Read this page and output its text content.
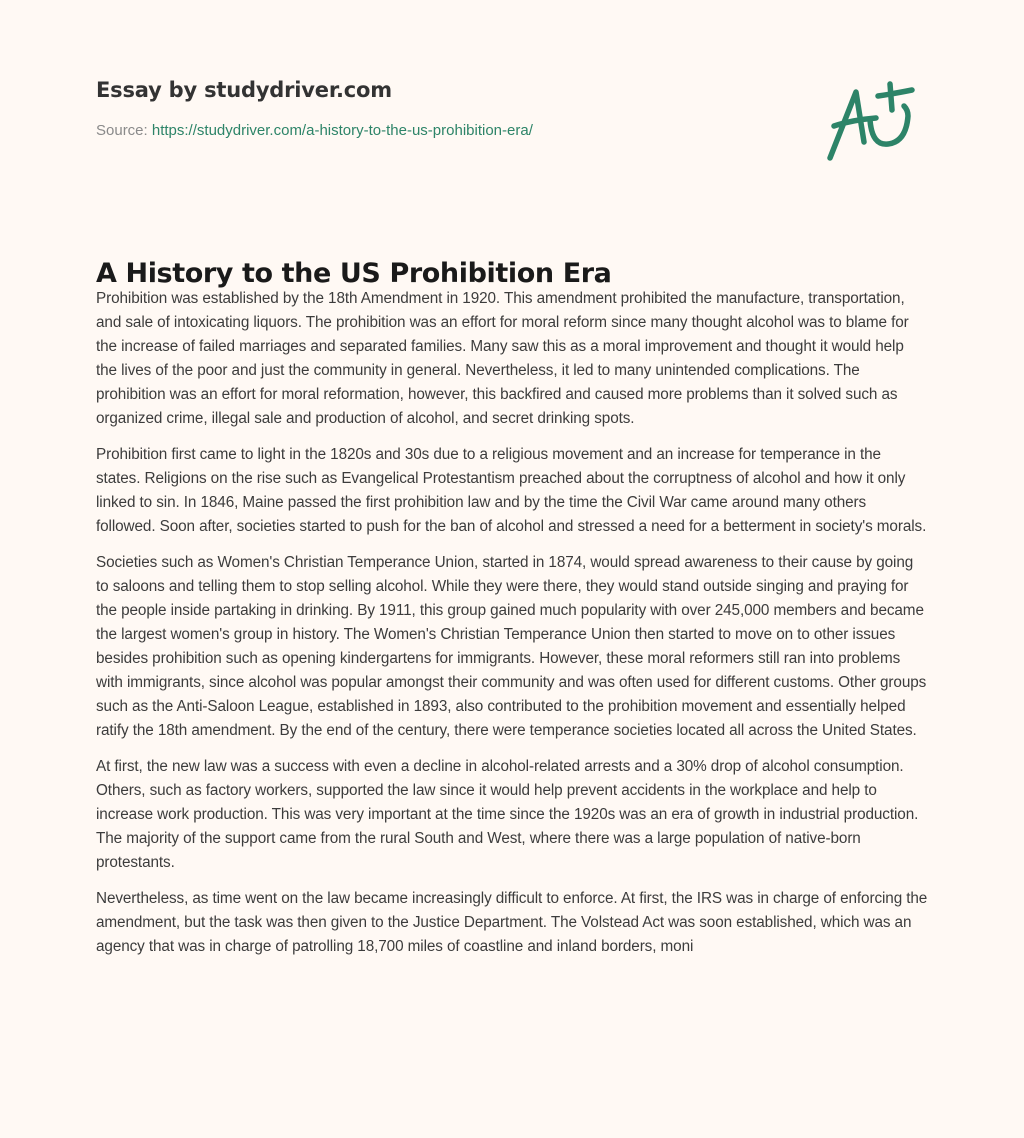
Essay by studydriver.com
Source: https://studydriver.com/a-history-to-the-us-prohibition-era/
A History to the US Prohibition Era

Prohibition was established by the 18th Amendment in 1920. This amendment prohibited the manufacture, transportation, and sale of intoxicating liquors. The prohibition was an effort for moral reform since many thought alcohol was to blame for the increase of failed marriages and separated families. Many saw this as a moral improvement and thought it would help the lives of the poor and just the community in general. Nevertheless, it led to many unintended complications. The prohibition was an effort for moral reformation, however, this backfired and caused more problems than it solved such as organized crime, illegal sale and production of alcohol, and secret drinking spots.

Prohibition first came to light in the 1820s and 30s due to a religious movement and an increase for temperance in the states. Religions on the rise such as Evangelical Protestantism preached about the corruptness of alcohol and how it only linked to sin. In 1846, Maine passed the first prohibition law and by the time the Civil War came around many others followed. Soon after, societies started to push for the ban of alcohol and stressed a need for a betterment in society's morals.

Societies such as Women's Christian Temperance Union, started in 1874, would spread awareness to their cause by going to saloons and telling them to stop selling alcohol. While they were there, they would stand outside singing and praying for the people inside partaking in drinking. By 1911, this group gained much popularity with over 245,000 members and became the largest women's group in history. The Women's Christian Temperance Union then started to move on to other issues besides prohibition such as opening kindergartens for immigrants. However, these moral reformers still ran into problems with immigrants, since alcohol was popular amongst their community and was often used for different customs. Other groups such as the Anti-Saloon League, established in 1893, also contributed to the prohibition movement and essentially helped ratify the 18th amendment. By the end of the century, there were temperance societies located all across the United States.

At first, the new law was a success with even a decline in alcohol-related arrests and a 30% drop of alcohol consumption. Others, such as factory workers, supported the law since it would help prevent accidents in the workplace and help to increase work production. This was very important at the time since the 1920s was an era of growth in industrial production. The majority of the support came from the rural South and West, where there was a large population of native-born protestants.

Nevertheless, as time went on the law became increasingly difficult to enforce. At first, the IRS was in charge of enforcing the amendment, but the task was then given to the Justice Department. The Volstead Act was soon established, which was an agency that was in charge of patrolling 18,700 miles of coastline and inland borders, moni
